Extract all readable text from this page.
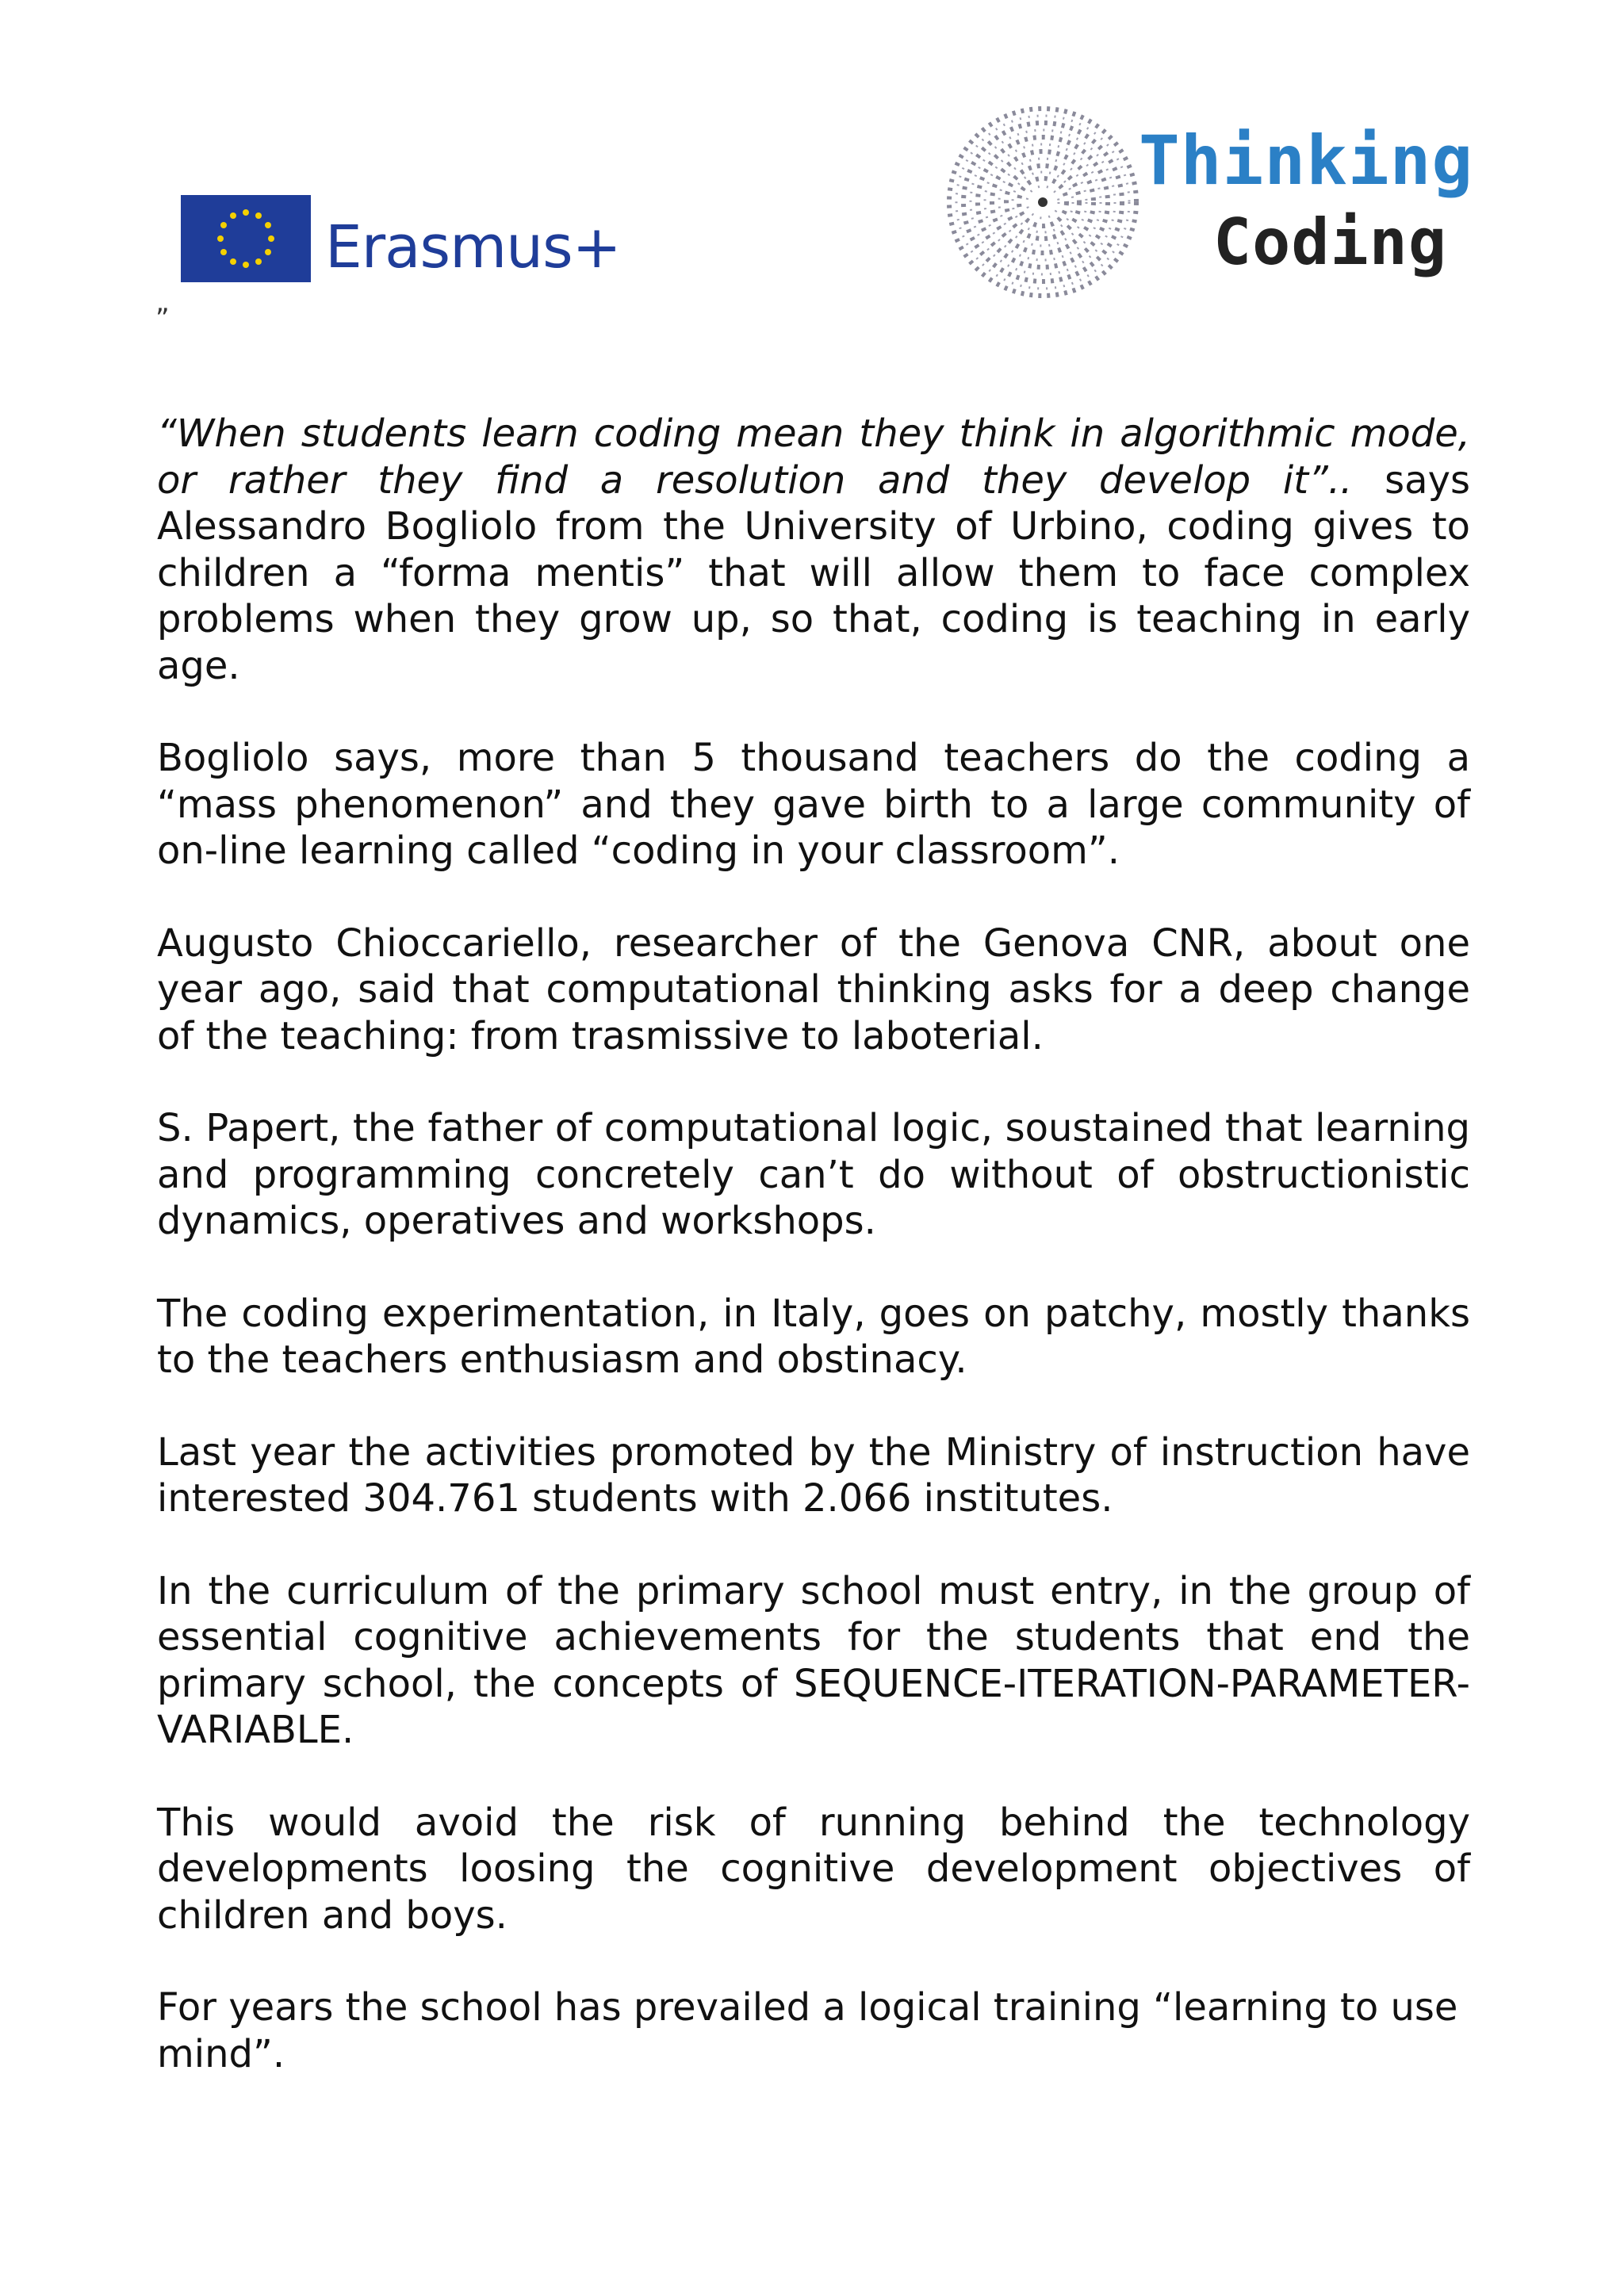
Erasmus+
Thinking
Coding
”

“When students learn coding mean they think in algorithmic mode, or rather they find a resolution and they develop it”.. says Alessandro Bogliolo from the University of Urbino, coding gives to children a “forma mentis” that will allow them to face complex problems when they grow up, so that, coding is teaching in early age.

Bogliolo says, more than 5 thousand teachers do the coding a “mass phenomenon” and they gave birth to a large community of on-line learning called “coding in your classroom”.

Augusto Chioccariello, researcher of the Genova CNR, about one year ago, said that computational thinking asks for a deep change of the teaching: from trasmissive to laboterial.

S. Papert, the father of computational logic, soustained that learning and programming concretely can’t do without of obstructionistic dynamics, operatives and workshops.

The coding experimentation, in Italy, goes on patchy, mostly thanks to the teachers enthusiasm and obstinacy.

Last year the activities promoted by the Ministry of instruction have interested 304.761 students with 2.066 institutes.

In the curriculum of the primary school must entry, in the group of essential cognitive achievements for the students that end the primary school, the concepts of SEQUENCE-ITERATION-PARAMETER-VARIABLE.

This would avoid the risk of running behind the technology developments loosing the cognitive development objectives of children and boys.

For years the school has prevailed a logical training “learning to use mind”.
